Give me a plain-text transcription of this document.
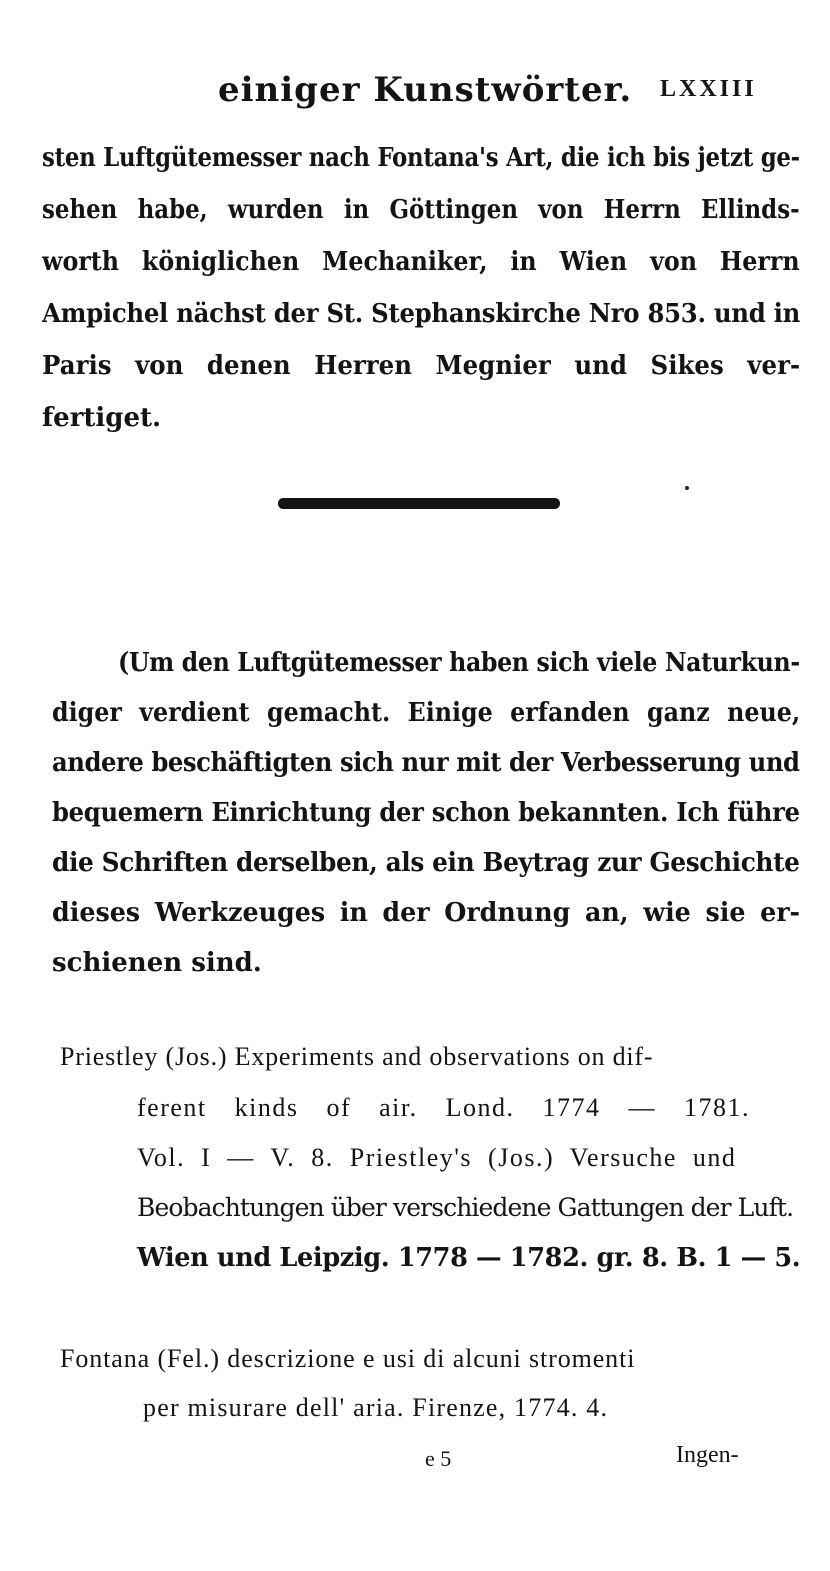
einiger Kunstwörter. LXXIII

sten Luftgütemesser nach Fontana's Art, die ich bis jetzt ge-

sehen habe, wurden in Göttingen von Herrn Ellinds-

worth königlichen Mechaniker, in Wien von Herrn

Ampichel nächst der St. Stephanskirche Nro 853. und in

Paris von denen Herren Megnier und Sikes ver-

fertiget.

(Um den Luftgütemesser haben sich viele Naturkun-

diger verdient gemacht. Einige erfanden ganz neue,

andere beschäftigten sich nur mit der Verbesserung und

bequemern Einrichtung der schon bekannten. Ich führe

die Schriften derselben, als ein Beytrag zur Geschichte

dieses Werkzeuges in der Ordnung an, wie sie er-

schienen sind.

Priestley (Jos.) Experiments and observations on dif-

ferent kinds of air. Lond. 1774 — 1781.

Vol. I — V. 8. Priestley's (Jos.) Versuche und

Beobachtungen über verschiedene Gattungen der Luft.

Wien und Leipzig. 1778 — 1782. gr. 8. B. 1 — 5.

Fontana (Fel.) descrizione e usi di alcuni stromenti

per misurare dell' aria. Firenze, 1774. 4.

e 5	Ingen-
